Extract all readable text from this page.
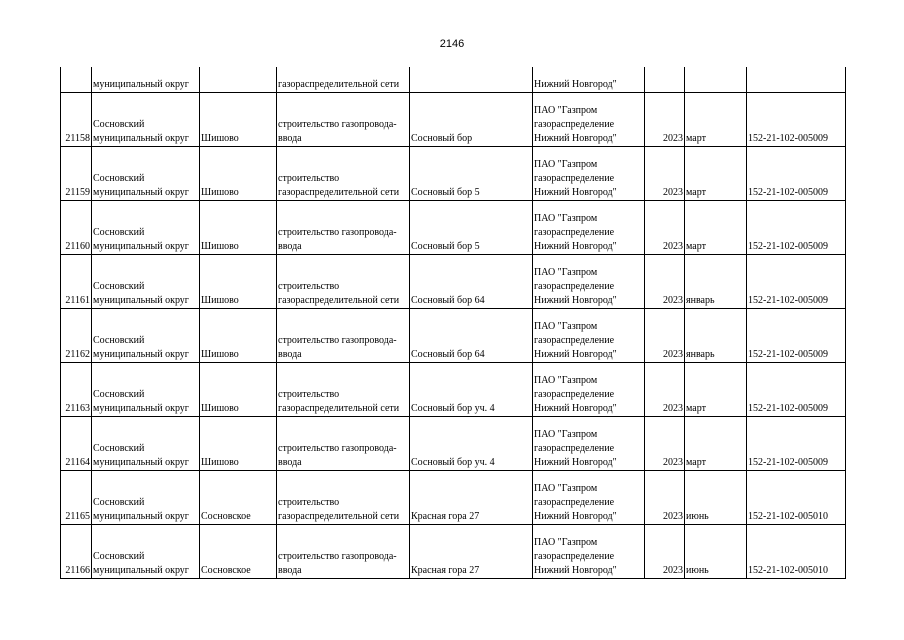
2146
	муниципальный округ		газораспределительной сети		Нижний Новгород"			
21158	Сосновский
муниципальный округ	Шишово	строительство газопровода-
ввода	Сосновый бор	ПАО "Газпром
газораспределение
Нижний Новгород"	2023	март	152-21-102-005009
21159	Сосновский
муниципальный округ	Шишово	строительство
газораспределительной сети	Сосновый бор 5	ПАО "Газпром
газораспределение
Нижний Новгород"	2023	март	152-21-102-005009
21160	Сосновский
муниципальный округ	Шишово	строительство газопровода-
ввода	Сосновый бор 5	ПАО "Газпром
газораспределение
Нижний Новгород"	2023	март	152-21-102-005009
21161	Сосновский
муниципальный округ	Шишово	строительство
газораспределительной сети	Сосновый бор 64	ПАО "Газпром
газораспределение
Нижний Новгород"	2023	январь	152-21-102-005009
21162	Сосновский
муниципальный округ	Шишово	строительство газопровода-
ввода	Сосновый бор 64	ПАО "Газпром
газораспределение
Нижний Новгород"	2023	январь	152-21-102-005009
21163	Сосновский
муниципальный округ	Шишово	строительство
газораспределительной сети	Сосновый бор уч. 4	ПАО "Газпром
газораспределение
Нижний Новгород"	2023	март	152-21-102-005009
21164	Сосновский
муниципальный округ	Шишово	строительство газопровода-
ввода	Сосновый бор уч. 4	ПАО "Газпром
газораспределение
Нижний Новгород"	2023	март	152-21-102-005009
21165	Сосновский
муниципальный округ	Сосновское	строительство
газораспределительной сети	Красная гора 27	ПАО "Газпром
газораспределение
Нижний Новгород"	2023	июнь	152-21-102-005010
21166	Сосновский
муниципальный округ	Сосновское	строительство газопровода-
ввода	Красная гора 27	ПАО "Газпром
газораспределение
Нижний Новгород"	2023	июнь	152-21-102-005010
